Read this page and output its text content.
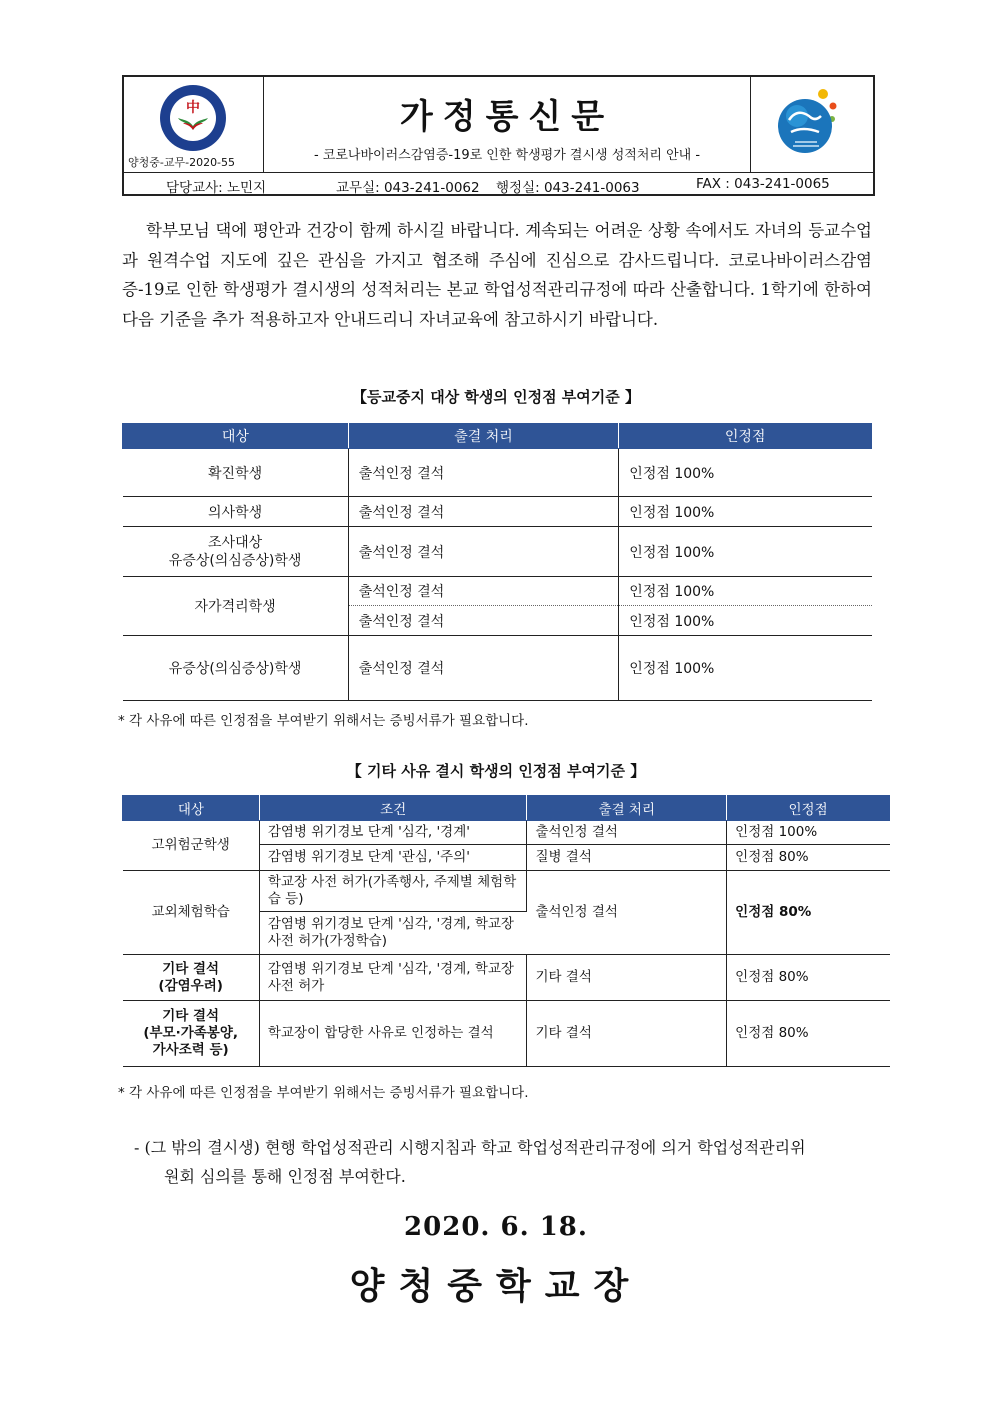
中
양청중-교무-2020-55
가정통신문
- 코로나바이러스감염증-19로 인한 학생평가 결시생 성적처리 안내 -
담당교사: 노민지	교무실: 043-241-0062 행정실: 043-241-0063	FAX : 043-241-0065

학부모님 댁에 평안과 건강이 함께 하시길 바랍니다. 계속되는 어려운 상황 속에서도 자녀의 등교수업과 원격수업 지도에 깊은 관심을 가지고 협조해 주심에 진심으로 감사드립니다. 코로나바이러스감염증-19로 인한 학생평가 결시생의 성적처리는 본교 학업성적관리규정에 따라 산출합니다. 1학기에 한하여 다음 기준을 추가 적용하고자 안내드리니 자녀교육에 참고하시기 바랍니다.

【등교중지 대상 학생의 인정점 부여기준 】
대상	출결 처리	인정점
확진학생	출석인정 결석	인정점 100%
의사학생	출석인정 결석	인정점 100%

조사대상
유증상(의심증상)학생	출석인정 결석	인정점 100%
자가격리학생	출석인정 결석	인정점 100%
	출석인정 결석	인정점 100%
유증상(의심증상)학생	출석인정 결석	인정점 100%
* 각 사유에 따른 인정점을 부여받기 위해서는 증빙서류가 필요합니다.
【 기타 사유 결시 학생의 인정점 부여기준 】
대상	조건	출결 처리	인정점
고위험군학생	감염병 위기경보 단계 '심각, '경계'	출석인정 결석	인정점 100%
	감염병 위기경보 단계 '관심, '주의'	질병 결석	인정점 80%
교외체험학습	학교장 사전 허가(가족행사, 주제별 체험학습 등)	출석인정 결석	인정점 80%
	감염병 위기경보 단계 '심각, '경계, 학교장 사전 허가(가정학습)		

기타 결석
(감염우려)	감염병 위기경보 단계 '심각, '경계, 학교장 사전 허가	기타 결석	인정점 80%

기타 결석
(부모·가족봉양,
가사조력 등)	학교장이 합당한 사유로 인정하는 결석	기타 결석	인정점 80%
* 각 사유에 따른 인정점을 부여받기 위해서는 증빙서류가 필요합니다.
- (그 밖의 결시생) 현행 학업성적관리 시행지침과 학교 학업성적관리규정에 의거 학업성적관리위
원회 심의를 통해 인정점 부여한다.
2020. 6. 18.
양청중학교장
